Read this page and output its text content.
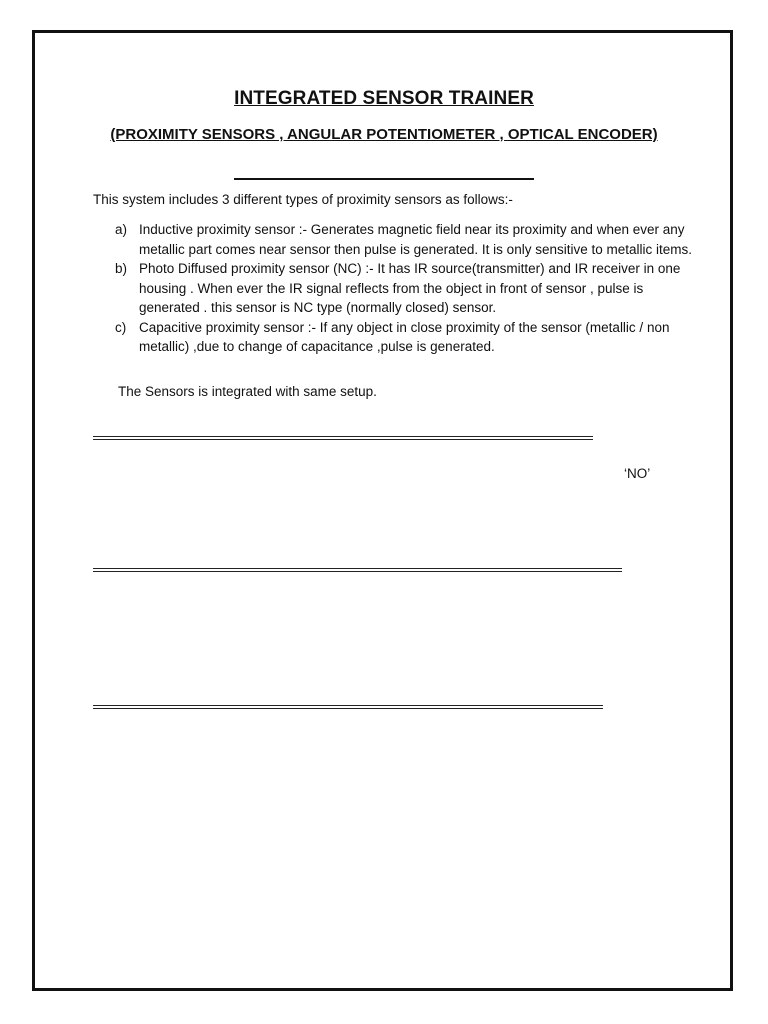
INTEGRATED SENSOR TRAINER
(PROXIMITY SENSORS , ANGULAR POTENTIOMETER , OPTICAL ENCODER)
This system includes 3 different types of proximity sensors as follows:-
a) Inductive proximity sensor :- Generates magnetic field near its proximity and when ever any metallic part comes near sensor then pulse is generated. It is only sensitive to metallic items.
b) Photo Diffused proximity sensor (NC) :- It has IR source(transmitter) and IR receiver in one housing . When ever the IR signal reflects from the object in front of sensor , pulse is generated . this sensor is NC type (normally closed) sensor.
c) Capacitive proximity sensor :- If any object in close proximity of the sensor (metallic / non metallic) ,due to change of capacitance ,pulse is generated.
The Sensors is integrated with same setup.
‘NO’
